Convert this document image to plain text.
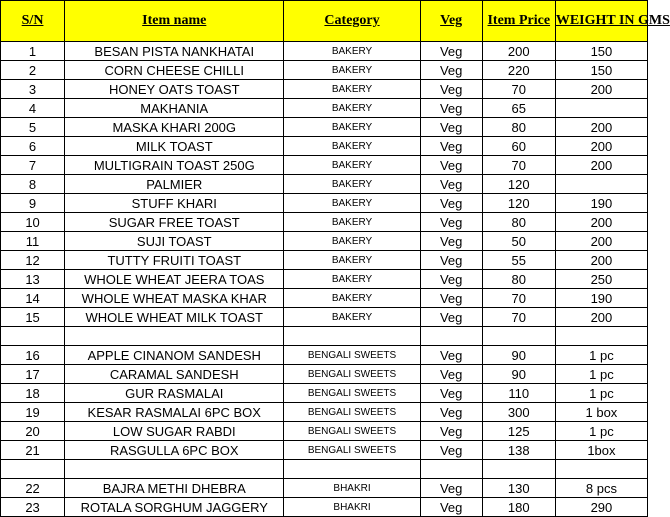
S/N	Item name	Category	Veg	Item Price	WEIGHT IN GMS
1	BESAN PISTA NANKHATAI	BAKERY	Veg	200	150
2	CORN CHEESE CHILLI	BAKERY	Veg	220	150
3	HONEY OATS TOAST	BAKERY	Veg	70	200
4	MAKHANIA	BAKERY	Veg	65	
5	MASKA KHARI 200G	BAKERY	Veg	80	200
6	MILK TOAST	BAKERY	Veg	60	200
7	MULTIGRAIN TOAST 250G	BAKERY	Veg	70	200
8	PALMIER	BAKERY	Veg	120	
9	STUFF KHARI	BAKERY	Veg	120	190
10	SUGAR FREE TOAST	BAKERY	Veg	80	200
11	SUJI TOAST	BAKERY	Veg	50	200
12	TUTTY FRUITI TOAST	BAKERY	Veg	55	200
13	WHOLE WHEAT JEERA TOAS	BAKERY	Veg	80	250
14	WHOLE WHEAT MASKA KHAR	BAKERY	Veg	70	190
15	WHOLE WHEAT MILK TOAST	BAKERY	Veg	70	200

16	APPLE CINANOM SANDESH	BENGALI SWEETS	Veg	90	1 pc
17	CARAMAL SANDESH	BENGALI SWEETS	Veg	90	1 pc
18	GUR RASMALAI	BENGALI SWEETS	Veg	110	1 pc
19	KESAR RASMALAI 6PC BOX	BENGALI SWEETS	Veg	300	1 box
20	LOW SUGAR RABDI	BENGALI SWEETS	Veg	125	1 pc
21	RASGULLA 6PC BOX	BENGALI SWEETS	Veg	138	1box

22	BAJRA METHI DHEBRA	BHAKRI	Veg	130	8 pcs
23	ROTALA SORGHUM JAGGERY	BHAKRI	Veg	180	290
